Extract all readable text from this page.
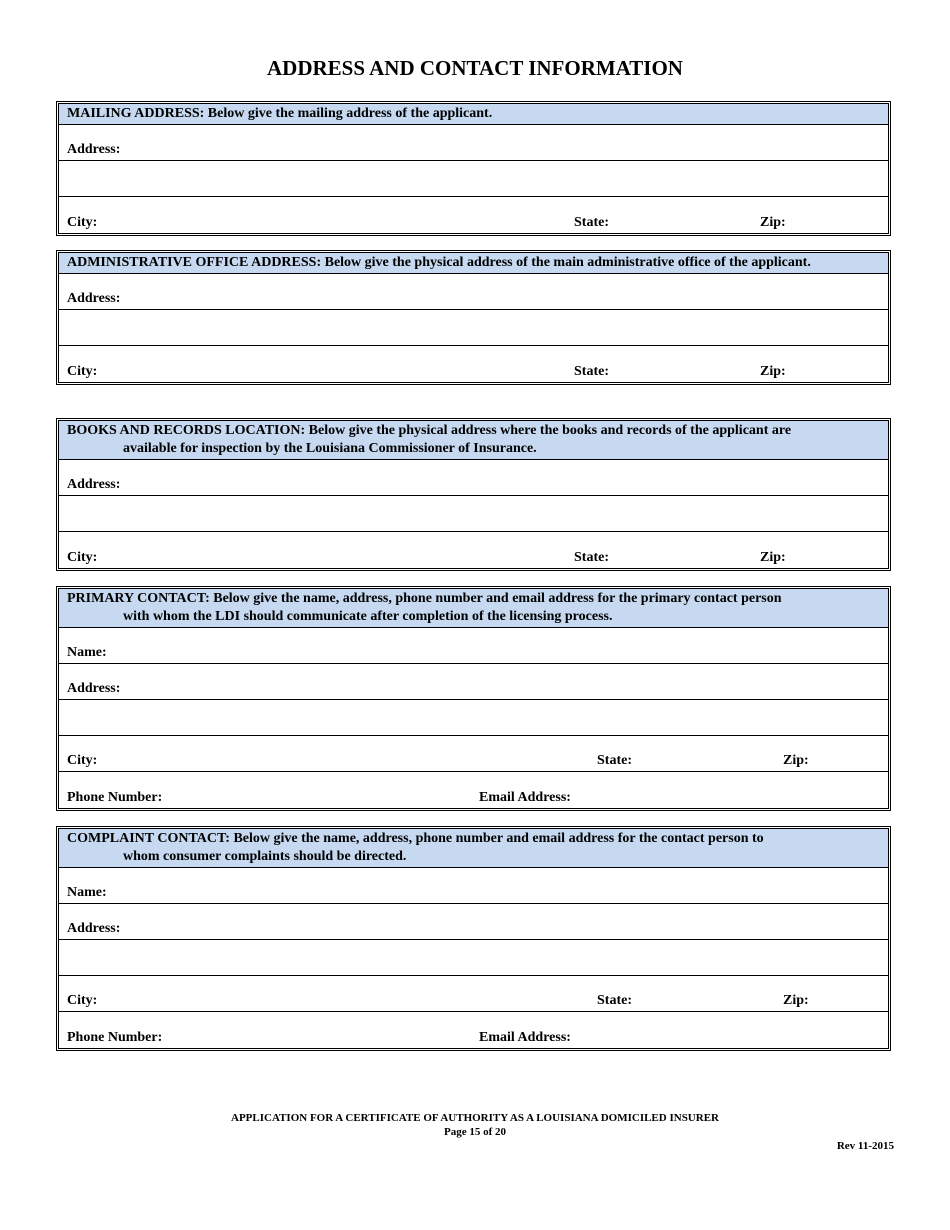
ADDRESS AND CONTACT INFORMATION
MAILING ADDRESS: Below give the mailing address of the applicant.
Address:
City:	State:	Zip:
ADMINISTRATIVE OFFICE ADDRESS: Below give the physical address of the main administrative office of the applicant.
Address:
City:	State:	Zip:
BOOKS AND RECORDS LOCATION: Below give the physical address where the books and records of the applicant are
available for inspection by the Louisiana Commissioner of Insurance.
Address:
City:	State:	Zip:
PRIMARY CONTACT: Below give the name, address, phone number and email address for the primary contact person
with whom the LDI should communicate after completion of the licensing process.
Name:
Address:
City:	State:	Zip:
Phone Number:	Email Address:
COMPLAINT CONTACT: Below give the name, address, phone number and email address for the contact person to
whom consumer complaints should be directed.
Name:
Address:
City:	State:	Zip:
Phone Number:	Email Address:
APPLICATION FOR A CERTIFICATE OF AUTHORITY AS A LOUISIANA DOMICILED INSURER
Page 15 of 20
Rev 11-2015
